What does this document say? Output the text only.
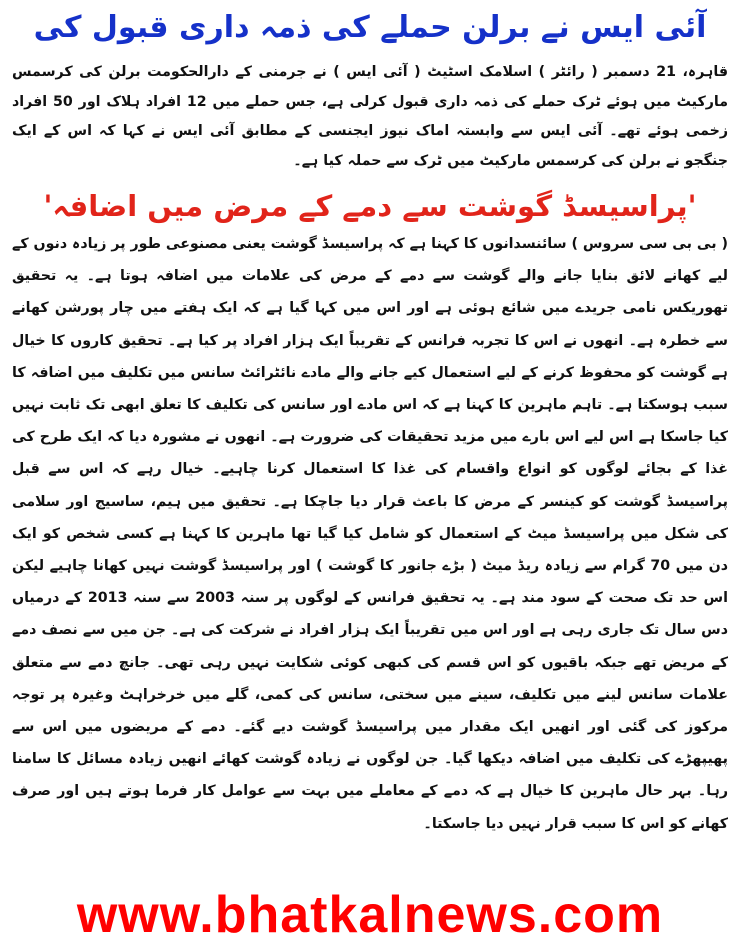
آئی ایس نے برلن حملے کی ذمہ داری قبول کی

قاہرہ، 21 دسمبر ( رائٹر ) اسلامک اسٹیٹ ( آئی ایس ) نے جرمنی کے دارالحکومت برلن کی کرسمس مارکیٹ میں ہوئے ٹرک حملے کی ذمہ داری قبول کرلی ہے، جس حملے میں 12 افراد ہلاک اور 50 افراد زخمی ہوئے تھے۔ آئی ایس سے وابستہ اماک نیوز ایجنسی کے مطابق آئی ایس نے کہا کہ اس کے ایک جنگجو نے برلن کی کرسمس مارکیٹ میں ٹرک سے حملہ کیا ہے۔

'پراسیسڈ گوشت سے دمے کے مرض میں اضافہ'

( بی بی سی سروس ) سائنسدانوں کا کہنا ہے کہ پراسیسڈ گوشت یعنی مصنوعی طور پر زیادہ دنوں کے لیے کھانے لائق بنایا جانے والے گوشت سے دمے کے مرض کی علامات میں اضافہ ہوتا ہے۔ یہ تحقیق تھوریکس نامی جریدے میں شائع ہوئی ہے اور اس میں کہا گیا ہے کہ ایک ہفتے میں چار پورشن کھانے سے خطرہ ہے۔ انھوں نے اس کا تجربہ فرانس کے تقریباً ایک ہزار افراد پر کیا ہے۔ تحقیق کاروں کا خیال ہے گوشت کو محفوظ کرنے کے لیے استعمال کیے جانے والے مادے نائٹرائٹ سانس میں تکلیف میں اضافہ کا سبب ہوسکتا ہے۔ تاہم ماہرین کا کہنا ہے کہ اس مادے اور سانس کی تکلیف کا تعلق ابھی تک ثابت نہیں کیا جاسکا ہے اس لیے اس بارے میں مزید تحقیقات کی ضرورت ہے۔ انھوں نے مشورہ دیا کہ ایک طرح کی غذا کے بجائے لوگوں کو انواع واقسام کی غذا کا استعمال کرنا چاہیے۔ خیال رہے کہ اس سے قبل پراسیسڈ گوشت کو کینسر کے مرض کا باعث قرار دیا جاچکا ہے۔ تحقیق میں ہیم، ساسیج اور سلامی کی شکل میں پراسیسڈ میٹ کے استعمال کو شامل کیا گیا تھا ماہرین کا کہنا ہے کسی شخص کو ایک دن میں 70 گرام سے زیادہ ریڈ میٹ ( بڑے جانور کا گوشت ) اور پراسیسڈ گوشت نہیں کھانا چاہیے لیکن اس حد تک صحت کے سود مند ہے۔ یہ تحقیق فرانس کے لوگوں پر سنہ 2003 سے سنہ 2013 کے درمیاں دس سال تک جاری رہی ہے اور اس میں تقریباً ایک ہزار افراد نے شرکت کی ہے۔ جن میں سے نصف دمے کے مریض تھے جبکہ باقیوں کو اس قسم کی کبھی کوئی شکایت نہیں رہی تھی۔ جانچ دمے سے متعلق علامات سانس لینے میں تکلیف، سینے میں سختی، سانس کی کمی، گلے میں خرخراہٹ وغیرہ پر توجہ مرکوز کی گئی اور انھیں ایک مقدار میں پراسیسڈ گوشت دیے گئے۔ دمے کے مریضوں میں اس سے پھیپھڑے کی تکلیف میں اضافہ دیکھا گیا۔ جن لوگوں نے زیادہ گوشت کھائے انھیں زیادہ مسائل کا سامنا رہا۔ بہر حال ماہرین کا خیال ہے کہ دمے کے معاملے میں بہت سے عوامل کار فرما ہوتے ہیں اور صرف کھانے کو اس کا سبب قرار نہیں دیا جاسکتا۔

www.bhatkalnews.com
